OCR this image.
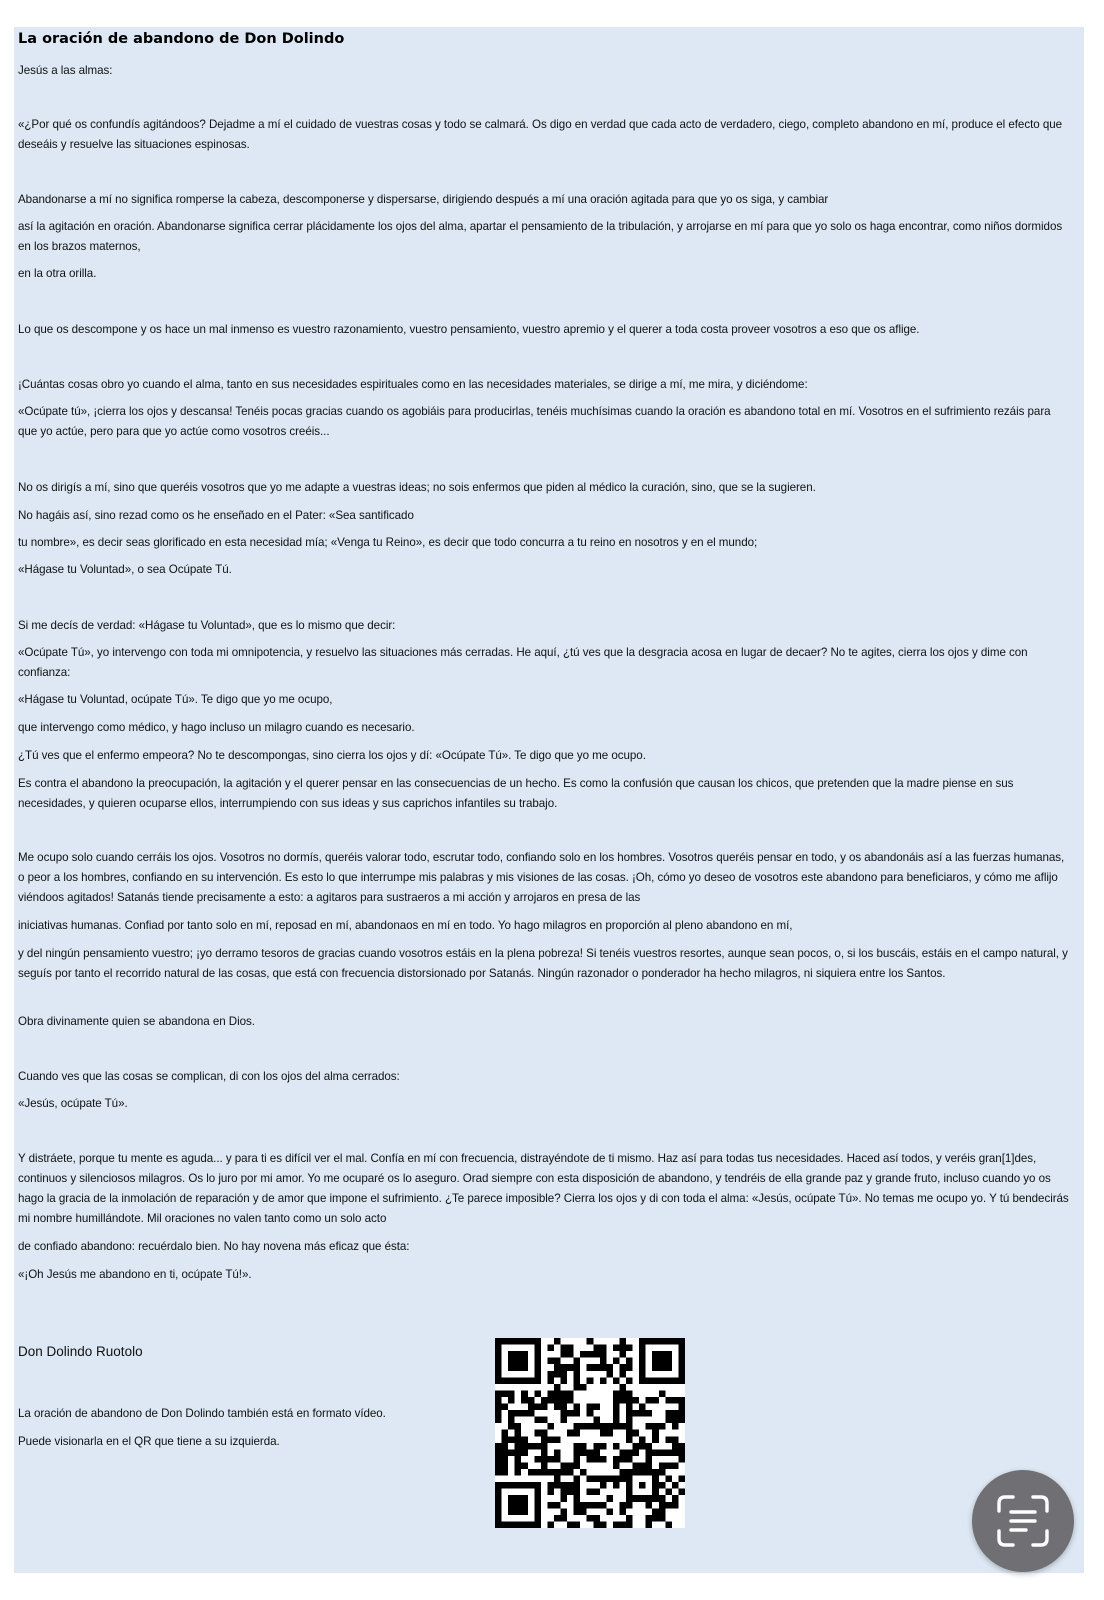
La oración de abandono de Don Dolindo

Jesús a las almas:

«¿Por qué os confundís agitándoos? Dejadme a mí el cuidado de vuestras cosas y todo se calmará. Os digo en verdad que cada acto de verdadero, ciego, completo abandono en mí, produce el efecto que deseáis y resuelve las situaciones espinosas.

Abandonarse a mí no significa romperse la cabeza, descomponerse y dispersarse, dirigiendo después a mí una oración agitada para que yo os siga, y cambiar

así la agitación en oración. Abandonarse significa cerrar plácidamente los ojos del alma, apartar el pensamiento de la tribulación, y arrojarse en mí para que yo solo os haga encontrar, como niños dormidos en los brazos maternos,

en la otra orilla.

Lo que os descompone y os hace un mal inmenso es vuestro razonamiento, vuestro pensamiento, vuestro apremio y el querer a toda costa proveer vosotros a eso que os aflige.

¡Cuántas cosas obro yo cuando el alma, tanto en sus necesidades espirituales como en las necesidades materiales, se dirige a mí, me mira, y diciéndome:

«Ocúpate tú», ¡cierra los ojos y descansa! Tenéis pocas gracias cuando os agobiáis para producirlas, tenéis muchísimas cuando la oración es abandono total en mí. Vosotros en el sufrimiento rezáis para que yo actúe, pero para que yo actúe como vosotros creéis...

No os dirigís a mí, sino que queréis vosotros que yo me adapte a vuestras ideas; no sois enfermos que piden al médico la curación, sino, que se la sugieren.

No hagáis así, sino rezad como os he enseñado en el Pater: «Sea santificado

tu nombre», es decir seas glorificado en esta necesidad mía; «Venga tu Reino», es decir que todo concurra a tu reino en nosotros y en el mundo;

«Hágase tu Voluntad», o sea Ocúpate Tú.

Si me decís de verdad: «Hágase tu Voluntad», que es lo mismo que decir:

«Ocúpate Tú», yo intervengo con toda mi omnipotencia, y resuelvo las situaciones más cerradas. He aquí, ¿tú ves que la desgracia acosa en lugar de decaer? No te agites, cierra los ojos y dime con confianza:

«Hágase tu Voluntad, ocúpate Tú». Te digo que yo me ocupo,

que intervengo como médico, y hago incluso un milagro cuando es necesario.

¿Tú ves que el enfermo empeora? No te descompongas, sino cierra los ojos y dí: «Ocúpate Tú». Te digo que yo me ocupo.

Es contra el abandono la preocupación, la agitación y el querer pensar en las consecuencias de un hecho. Es como la confusión que causan los chicos, que pretenden que la madre piense en sus necesidades, y quieren ocuparse ellos, interrumpiendo con sus ideas y sus caprichos infantiles su trabajo.

Me ocupo solo cuando cerráis los ojos. Vosotros no dormís, queréis valorar todo, escrutar todo, confiando solo en los hombres. Vosotros queréis pensar en todo, y os abandonáis así a las fuerzas humanas, o peor a los hombres, confiando en su intervención. Es esto lo que interrumpe mis palabras y mis visiones de las cosas. ¡Oh, cómo yo deseo de vosotros este abandono para beneficiaros, y cómo me aflijo viéndoos agitados! Satanás tiende precisamente a esto: a agitaros para sustraeros a mi acción y arrojaros en presa de las

iniciativas humanas. Confiad por tanto solo en mí, reposad en mí, abandonaos en mí en todo. Yo hago milagros en proporción al pleno abandono en mí,

y del ningún pensamiento vuestro; ¡yo derramo tesoros de gracias cuando vosotros estáis en la plena pobreza! Si tenéis vuestros resortes, aunque sean pocos, o, si los buscáis, estáis en el campo natural, y seguís por tanto el recorrido natural de las cosas, que está con frecuencia distorsionado por Satanás. Ningún razonador o ponderador ha hecho milagros, ni siquiera entre los Santos.

Obra divinamente quien se abandona en Dios.

Cuando ves que las cosas se complican, di con los ojos del alma cerrados:

«Jesús, ocúpate Tú».

Y distráete, porque tu mente es aguda... y para ti es difícil ver el mal. Confía en mí con frecuencia, distrayéndote de ti mismo. Haz así para todas tus necesidades. Haced así todos, y veréis gran[1]des, continuos y silenciosos milagros. Os lo juro por mi amor. Yo me ocuparé os lo aseguro. Orad siempre con esta disposición de abandono, y tendréis de ella grande paz y grande fruto, incluso cuando yo os hago la gracia de la inmolación de reparación y de amor que impone el sufrimiento. ¿Te parece imposible? Cierra los ojos y di con toda el alma: «Jesús, ocúpate Tú». No temas me ocupo yo. Y tú bendecirás mi nombre humillándote. Mil oraciones no valen tanto como un solo acto

de confiado abandono: recuérdalo bien. No hay novena más eficaz que ésta:

«¡Oh Jesús me abandono en ti, ocúpate Tú!».

Don Dolindo Ruotolo

La oración de abandono de Don Dolindo también está en formato vídeo.

Puede visionarla en el QR que tiene a su izquierda.
